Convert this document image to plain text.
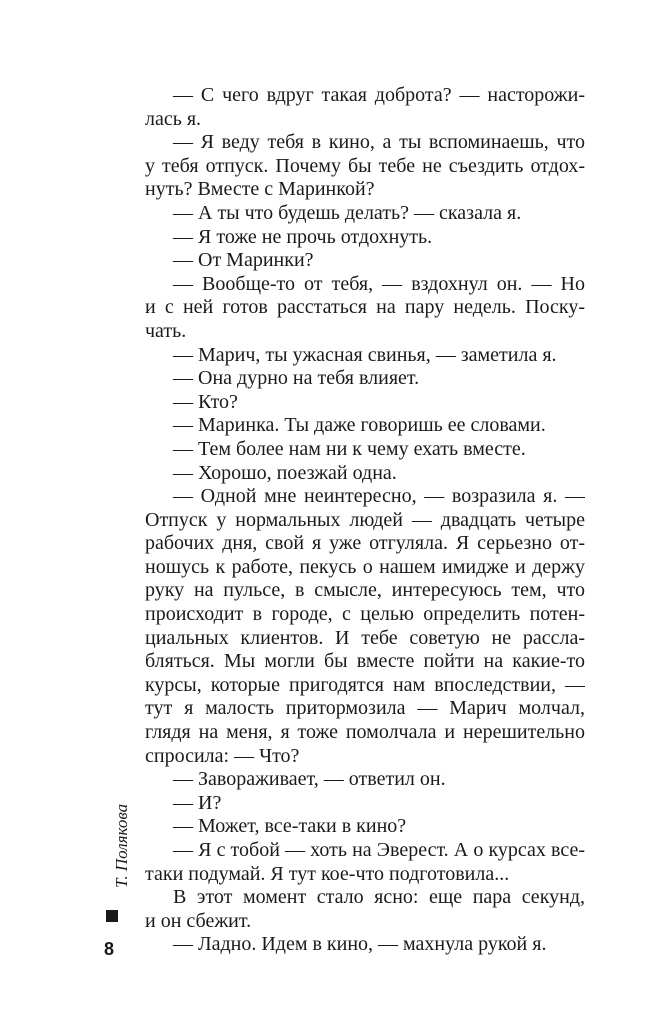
— С чего вдруг такая доброта? — насторожи-
лась я.
— Я веду тебя в кино, а ты вспоминаешь, что
у тебя отпуск. Почему бы тебе не съездить отдох-
нуть? Вместе с Маринкой?
— А ты что будешь делать? — сказала я.
— Я тоже не прочь отдохнуть.
— От Маринки?
— Вообще-то от тебя, — вздохнул он. — Но
и с ней готов расстаться на пару недель. Поску-
чать.
— Марич, ты ужасная свинья, — заметила я.
— Она дурно на тебя влияет.
— Кто?
— Маринка. Ты даже говоришь ее словами.
— Тем более нам ни к чему ехать вместе.
— Хорошо, поезжай одна.
— Одной мне неинтересно, — возразила я. —
Отпуск у нормальных людей — двадцать четыре
рабочих дня, свой я уже отгуляла. Я серьезно от-
ношусь к работе, пекусь о нашем имидже и держу
руку на пульсе, в смысле, интересуюсь тем, что
происходит в городе, с целью определить потен-
циальных клиентов. И тебе советую не рассла-
бляться. Мы могли бы вместе пойти на какие-то
курсы, которые пригодятся нам впоследствии, —
тут я малость притормозила — Марич молчал,
глядя на меня, я тоже помолчала и нерешительно
спросила: — Что?
— Завораживает, — ответил он.
— И?
— Может, все-таки в кино?
— Я с тобой — хоть на Эверест. А о курсах все-
таки подумай. Я тут кое-что подготовила...
В этот момент стало ясно: еще пара секунд,
и он сбежит.
— Ладно. Идем в кино, — махнула рукой я.
Т. Полякова
8
